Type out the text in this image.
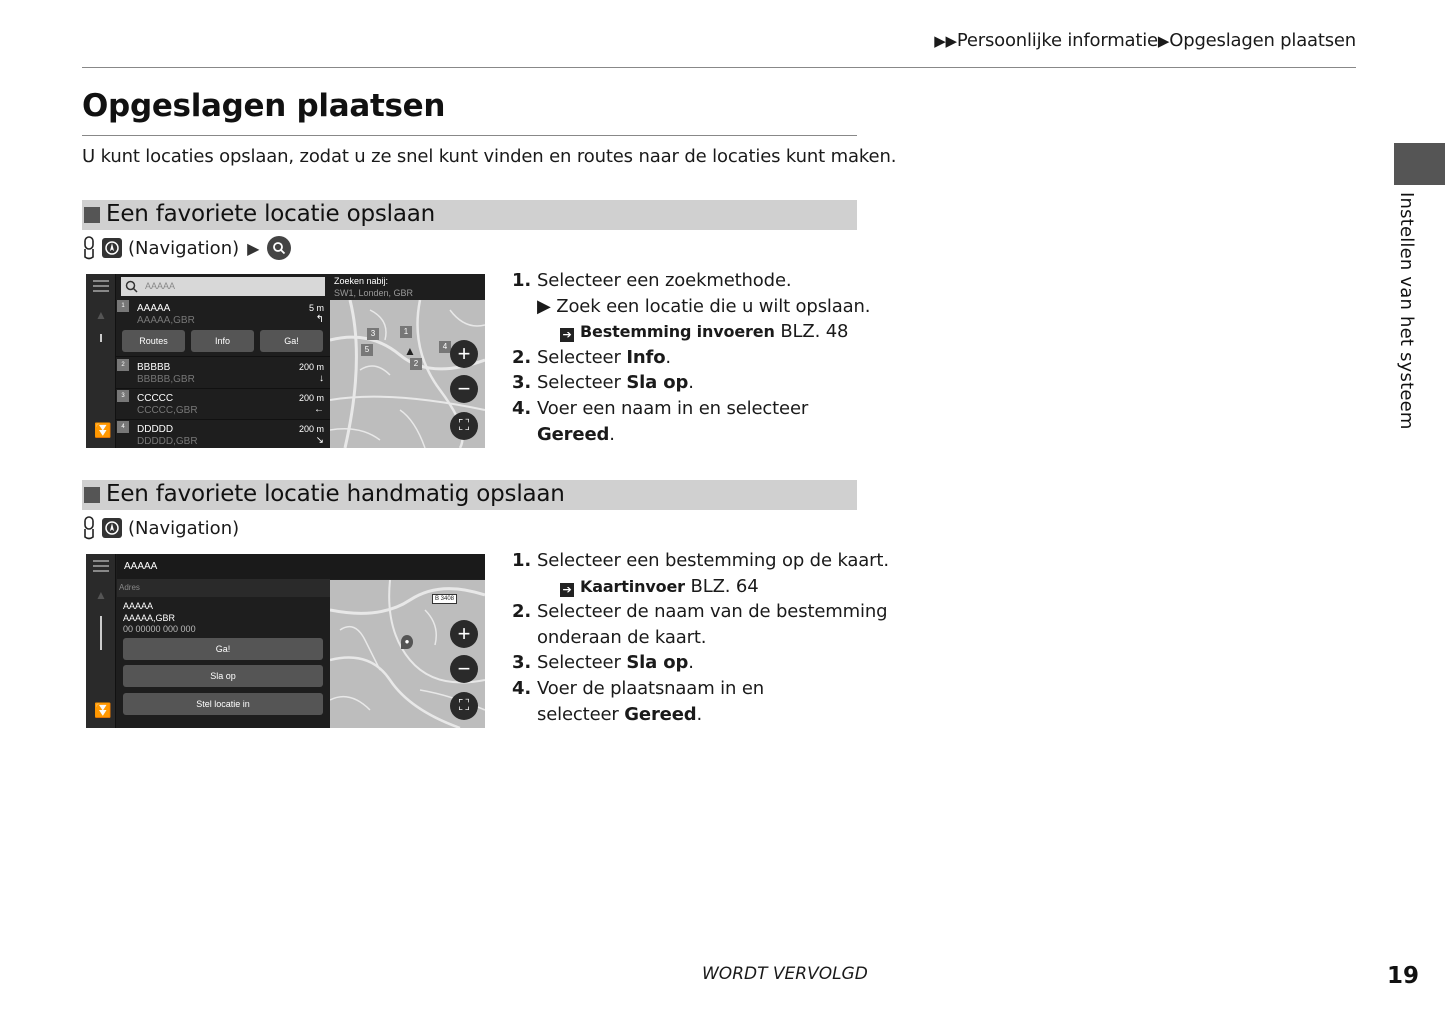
▶▶Persoonlijke informatie▶Opgeslagen plaatsen
Opgeslagen plaatsen
U kunt locaties opslaan, zodat u ze snel kunt vinden en routes naar de locaties kunt maken.
Een favoriete locatie opslaan
(Navigation) ▶
▲
⏬
AAAAA	Zoeken nabij:
SW1, Londen, GBR
1	AAAAA
AAAAA,GBR
5 m
↰
Routes	Info	Ga!
2	BBBBB
BBBBB,GBR
200 m
↓
3	CCCCC
CCCCC,GBR
200 m
←
4	DDDDD
DDDDD,GBR
200 m
↘
3	1
5
2
4
▲	+
−
⛶
1. Selecteer een zoekmethode.
▶ Zoek een locatie die u wilt opslaan.
➔ Bestemming invoeren BLZ. 48
2. Selecteer Info.
3. Selecteer Sla op.
4. Voer een naam in en selecteer
Gereed.
Een favoriete locatie handmatig opslaan
(Navigation)
▲
⏬
AAAAA
Adres
AAAAA
AAAAA,GBR
00 00000 000 000
Ga!
Sla op
Stel locatie in
B 3408
●	+
−
⛶
1. Selecteer een bestemming op de kaart.
➔ Kaartinvoer BLZ. 64
2. Selecteer de naam van de bestemming
onderaan de kaart.
3. Selecteer Sla op.
4. Voer de plaatsnaam in en
selecteer Gereed.
Instellen van het systeem
WORDT VERVOLGD	19
